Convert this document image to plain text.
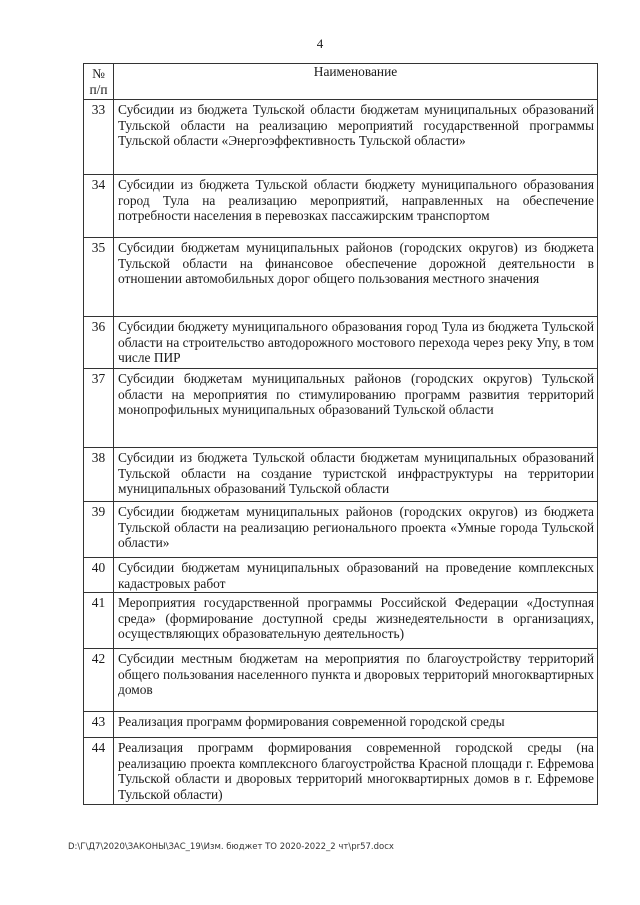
4
№
п/п	Наименование
33	Субсидии из бюджета Тульской области бюджетам муниципальных образований Тульской области на реализацию мероприятий государственной программы Тульской области «Энергоэффективность Тульской области»
34	Субсидии из бюджета Тульской области бюджету муниципального образования город Тула на реализацию мероприятий, направленных на обеспечение потребности населения в перевозках пассажирским транспортом
35	Субсидии бюджетам муниципальных районов (городских округов) из бюджета Тульской области на финансовое обеспечение дорожной деятельности в отношении автомобильных дорог общего пользования местного значения
36	Субсидии бюджету муниципального образования город Тула из бюджета Тульской области на строительство автодорожного мостового перехода через реку Упу, в том числе ПИР
37	Субсидии бюджетам муниципальных районов (городских округов) Тульской области на мероприятия по стимулированию программ развития территорий монопрофильных муниципальных образований Тульской области
38	Субсидии из бюджета Тульской области бюджетам муниципальных образований Тульской области на создание туристской инфраструктуры на территории муниципальных образований Тульской области
39	Субсидии бюджетам муниципальных районов (городских округов) из бюджета Тульской области на реализацию регионального проекта «Умные города Тульской области»
40	Субсидии бюджетам муниципальных образований на проведение комплексных кадастровых работ
41	Мероприятия государственной программы Российской Федерации «Доступная среда» (формирование доступной среды жизнедеятельности в организациях, осуществляющих образовательную деятельность)
42	Субсидии местным бюджетам на мероприятия по благоустройству территорий общего пользования населенного пункта и дворовых территорий многоквартирных домов
43	Реализация программ формирования современной городской среды
44	Реализация программ формирования современной городской среды (на реализацию проекта комплексного благоустройства Красной площади г. Ефремова Тульской области и дворовых территорий многоквартирных домов в г. Ефремове Тульской области)
D:\Г\Д7\2020\ЗАКОНЫ\ЗАС_19\Изм. бюджет ТО 2020-2022_2 чт\pr57.docx
